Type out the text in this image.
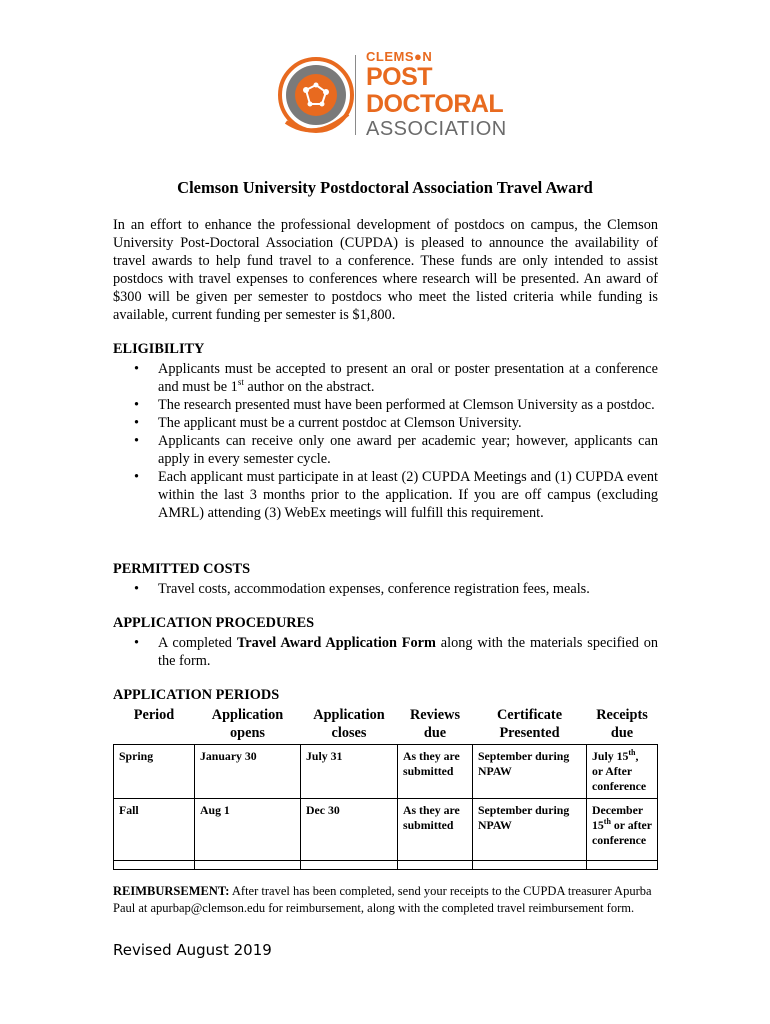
CLEMS●N
POST
DOCTORAL
ASSOCIATION
Clemson University Postdoctoral Association Travel Award
In an effort to enhance the professional development of postdocs on campus, the Clemson University Post-Doctoral Association (CUPDA) is pleased to announce the availability of travel awards to help fund travel to a conference. These funds are only intended to assist postdocs with travel expenses to conferences where research will be presented. An award of $300 will be given per semester to postdocs who meet the listed criteria while funding is available, current funding per semester is $1,800.
ELIGIBILITY
• Applicants must be accepted to present an oral or poster presentation at a conference and must be 1st author on the abstract.
• The research presented must have been performed at Clemson University as a postdoc.
• The applicant must be a current postdoc at Clemson University.
• Applicants can receive only one award per academic year; however, applicants can apply in every semester cycle.
• Each applicant must participate in at least (2) CUPDA Meetings and (1) CUPDA event within the last 3 months prior to the application. If you are off campus (excluding AMRL) attending (3) WebEx meetings will fulfill this requirement.
PERMITTED COSTS
• Travel costs, accommodation expenses, conference registration fees, meals.
APPLICATION PROCEDURES
• A completed Travel Award Application Form along with the materials specified on the form.
APPLICATION PERIODS
Period	Application opens	Application closes	Reviews due	Certificate Presented	Receipts due
Spring	January 30	July 31	As they are submitted	September during NPAW	July 15th, or After conference
Fall	Aug 1	Dec 30	As they are submitted	September during NPAW	December 15th or after conference

REIMBURSEMENT: After travel has been completed, send your receipts to the CUPDA treasurer Apurba Paul at apurbap@clemson.edu for reimbursement, along with the completed travel reimbursement form.
Revised August 2019
